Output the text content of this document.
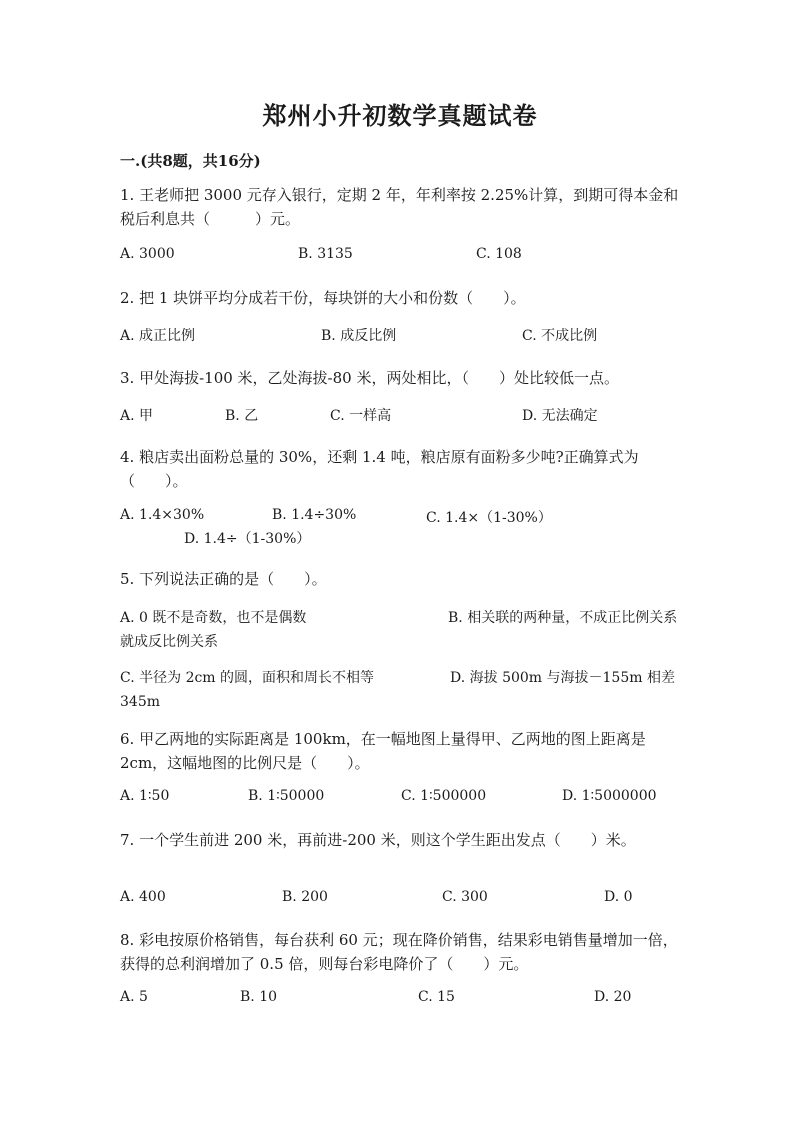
郑州小升初数学真题试卷
一.(共8题，共16分)
1. 王老师把 3000 元存入银行，定期 2 年，年利率按 2.25%计算，到期可得本金和税后利息共（　　　）元。
A. 3000	B. 3135	C. 108
2. 把 1 块饼平均分成若干份，每块饼的大小和份数（　　）。
A. 成正比例	B. 成反比例	C. 不成比例
3. 甲处海拔-100 米，乙处海拔-80 米，两处相比，（　　）处比较低一点。
A. 甲	B. 乙	C. 一样高	D. 无法确定
4. 粮店卖出面粉总量的 30%，还剩 1.4 吨，粮店原有面粉多少吨?正确算式为（　　）。
A. 1.4×30%	B. 1.4÷30%	C. 1.4×（1-30%）
D. 1.4÷（1-30%）
5. 下列说法正确的是（　　）。
A. 0 既不是奇数，也不是偶数	B. 相关联的两种量，不成正比例关系就成反比例关系
C. 半径为 2cm 的圆，面积和周长不相等	D. 海拔 500m 与海拔－155m 相差 345m
6. 甲乙两地的实际距离是 100km，在一幅地图上量得甲、乙两地的图上距离是 2cm，这幅地图的比例尺是（　　）。
A. 1∶50	B. 1∶50000	C. 1∶500000	D. 1∶5000000
7. 一个学生前进 200 米，再前进-200 米，则这个学生距出发点（　　）米。
A. 400	B. 200	C. 300	D. 0
8. 彩电按原价格销售，每台获利 60 元；现在降价销售，结果彩电销售量增加一倍，获得的总利润增加了 0.5 倍，则每台彩电降价了（　　）元。
A. 5	B. 10	C. 15	D. 20
